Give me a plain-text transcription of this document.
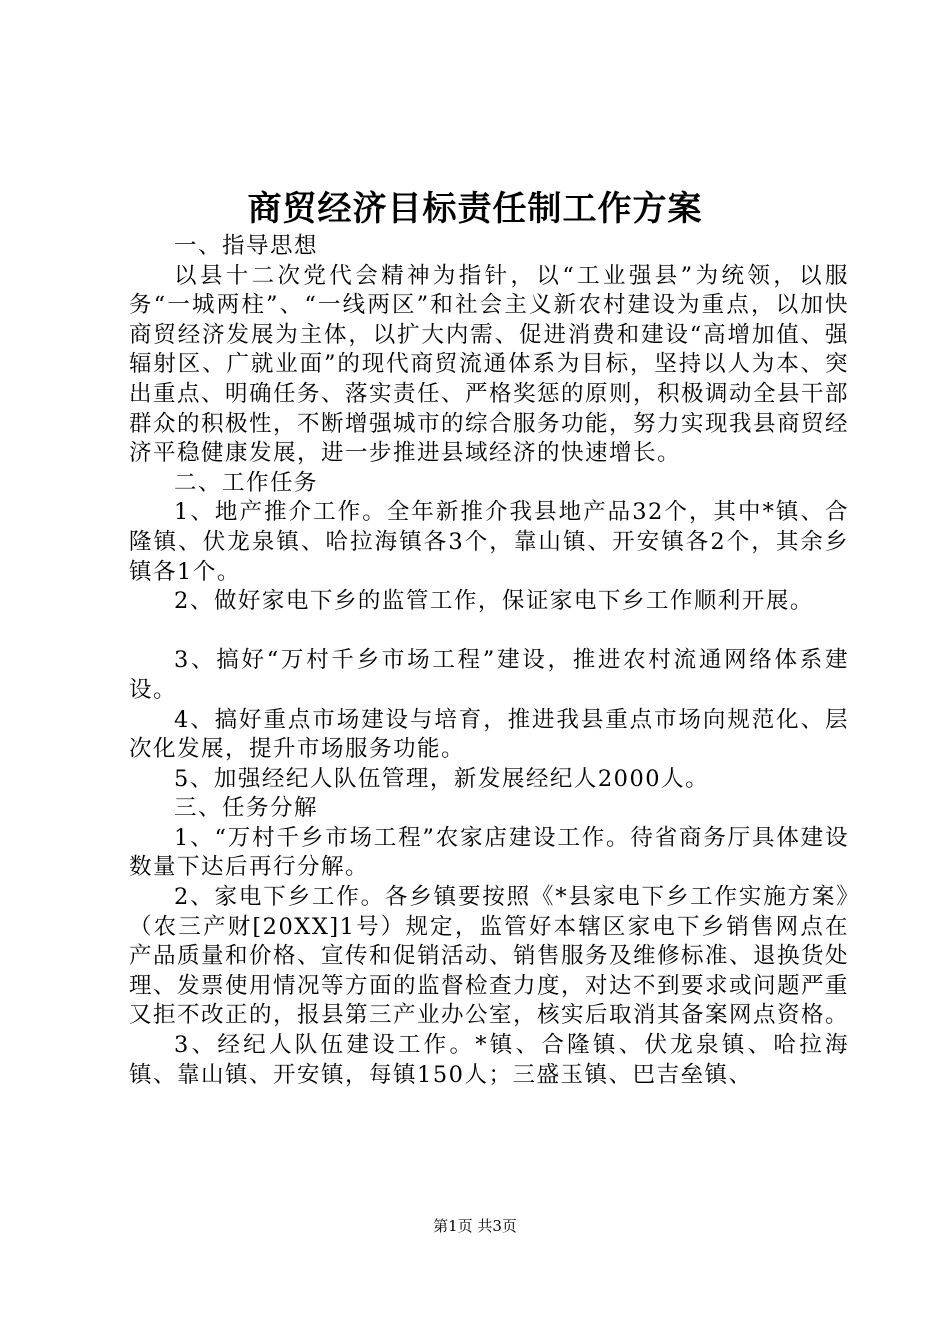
商贸经济目标责任制工作方案

一、指导思想

以县十二次党代会精神为指针，以“工业强县”为统领，以服务“一城两柱”、“一线两区”和社会主义新农村建设为重点，以加快商贸经济发展为主体，以扩大内需、促进消费和建设“高增加值、强辐射区、广就业面”的现代商贸流通体系为目标，坚持以人为本、突出重点、明确任务、落实责任、严格奖惩的原则，积极调动全县干部群众的积极性，不断增强城市的综合服务功能，努力实现我县商贸经济平稳健康发展，进一步推进县域经济的快速增长。

二、工作任务

1、地产推介工作。全年新推介我县地产品32个，其中*镇、合隆镇、伏龙泉镇、哈拉海镇各3个，靠山镇、开安镇各2个，其余乡镇各1个。

2、做好家电下乡的监管工作，保证家电下乡工作顺利开展。

3、搞好“万村千乡市场工程”建设，推进农村流通网络体系建设。

4、搞好重点市场建设与培育，推进我县重点市场向规范化、层次化发展，提升市场服务功能。

5、加强经纪人队伍管理，新发展经纪人2000人。

三、任务分解

1、“万村千乡市场工程”农家店建设工作。待省商务厅具体建设数量下达后再行分解。

2、家电下乡工作。各乡镇要按照《*县家电下乡工作实施方案》（农三产财[20XX]1号）规定，监管好本辖区家电下乡销售网点在产品质量和价格、宣传和促销活动、销售服务及维修标准、退换货处理、发票使用情况等方面的监督检查力度，对达不到要求或问题严重又拒不改正的，报县第三产业办公室，核实后取消其备案网点资格。

3、经纪人队伍建设工作。*镇、合隆镇、伏龙泉镇、哈拉海镇、靠山镇、开安镇，每镇150人；三盛玉镇、巴吉垒镇、

第1页 共3页
